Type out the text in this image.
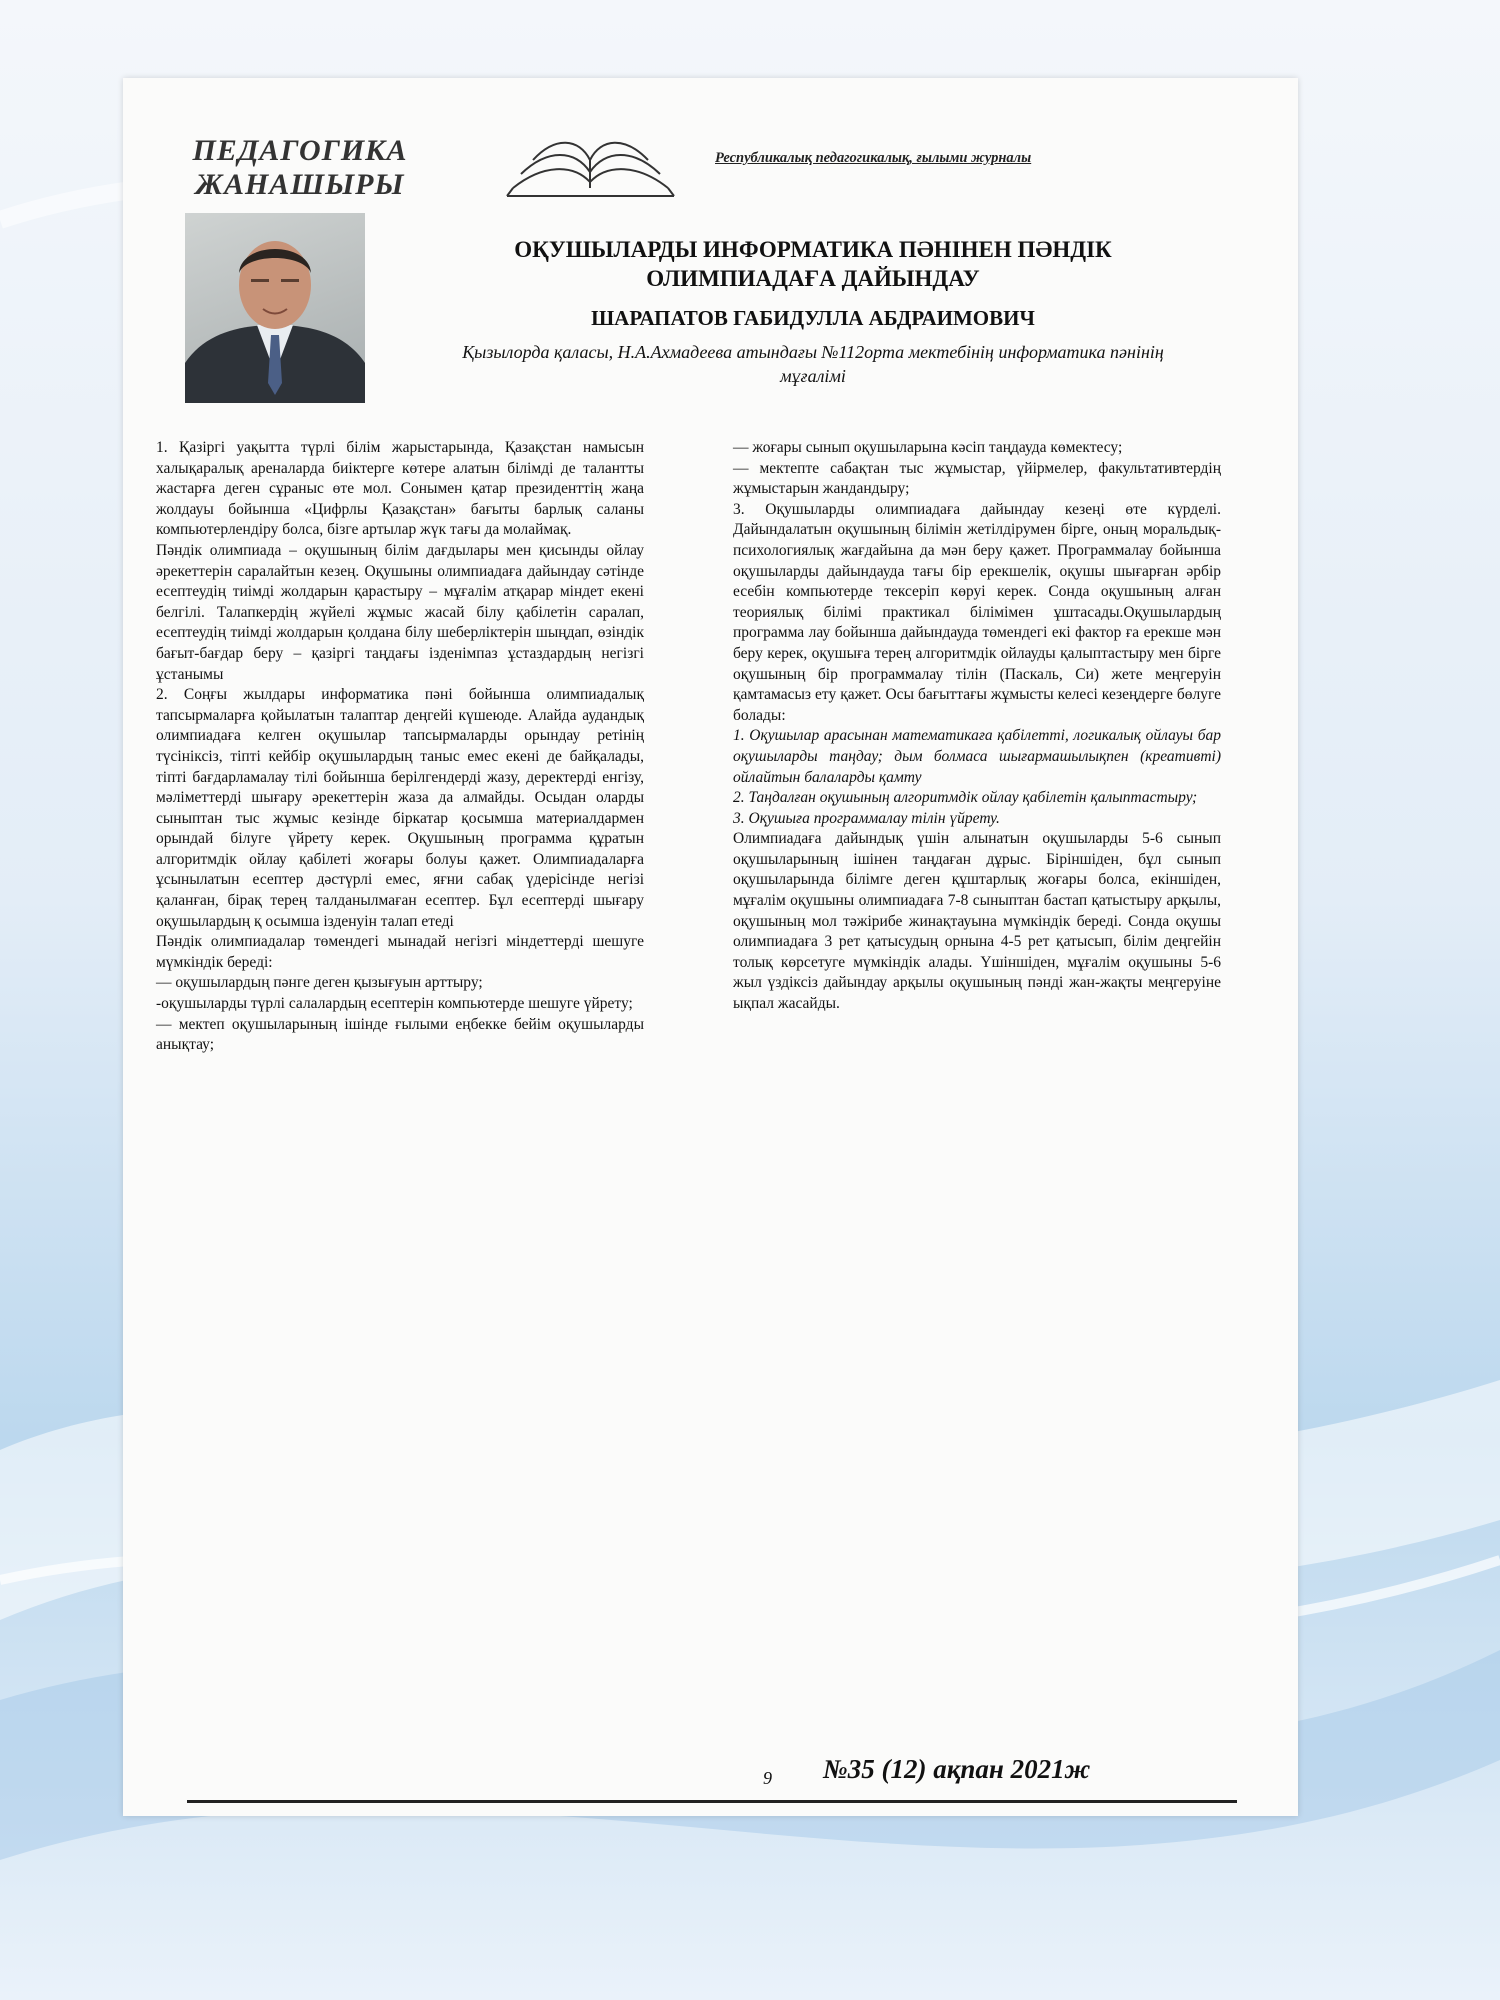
ПЕДАГОГИКА ЖАНАШЫРЫ
Республикалық педагогикалық, ғылыми журналы
ОҚУШЫЛАРДЫ ИНФОРМАТИКА ПӘНІНЕН ПӘНДІК ОЛИМПИАДАҒА ДАЙЫНДАУ
ШАРАПАТОВ ГАБИДУЛЛА АБДРАИМОВИЧ
Қызылорда қаласы, Н.А.Ахмадеева атындағы №112орта мектебінің информатика пәнінің мұғалімі

1. Қазіргі уақытта түрлі білім жарыстарында, Қазақстан намысын халықаралық ареналарда биіктерге көтере алатын білімді де талантты жастарға деген сұраныс өте мол. Сонымен қатар президенттің жаңа жолдауы бойынша «Цифрлы Қазақстан» бағыты барлық саланы компьютерлендіру болса, бізге артылар жүк тағы да молаймақ.

Пәндік олимпиада – оқушының білім дағдылары мен қисынды ойлау әрекеттерін саралайтын кезең. Оқушыны олимпиадаға дайындау сәтінде есептеудің тиімді жолдарын қарастыру – мұғалім атқарар міндет екені белгілі. Талапкердің жүйелі жұмыс жасай білу қабілетін саралап, есептеудің тиімді жолдарын қолдана білу шеберліктерін шыңдап, өзіндік бағыт-бағдар беру – қазіргі таңдағы ізденімпаз ұстаздардың негізгі ұстанымы

2. Соңғы жылдары информатика пәні бойынша олимпиадалық тапсырмаларға қойылатын талаптар деңгейі күшеюде. Алайда аудандық олимпиадаға келген оқушылар тапсырмаларды орындау ретінің түсініксіз, тіпті кейбір оқушылардың таныс емес екені де байқалады, тіпті бағдарламалау тілі бойынша берілгендерді жазу, деректерді енгізу, мәліметтерді шығару әрекеттерін жаза да алмайды. Осыдан оларды сыныптан тыс жұмыс кезінде біркатар қосымша материалдармен орындай білуге үйрету керек. Оқушының программа құратын алгоритмдік ойлау қабілеті жоғары болуы қажет. Олимпиадаларға ұсынылатын есептер дәстүрлі емес, яғни сабақ үдерісінде негізі қаланған, бірақ терең талданылмаған есептер. Бұл есептерді шығару оқушылардың қ осымша ізденуін талап етеді

Пәндік олимпиадалар төмендегі мынадай негізгі міндеттерді шешуге мүмкіндік береді:

— оқушылардың пәнге деген қызығуын арттыру;

-оқушыларды түрлі салалардың есептерін компьютерде шешуге үйрету;

— мектеп оқушыларының ішінде ғылыми еңбекке бейім оқушыларды анықтау;

— жоғары сынып оқушыларына кәсіп таңдауда көмектесу;

— мектепте сабақтан тыс жұмыстар, үйірмелер, факультативтердің жұмыстарын жандандыру;

3. Оқушыларды олимпиадаға дайындау кезеңі өте күрделі. Дайындалатын оқушының білімін жетілдірумен бірге, оның моральдық-психологиялық жағдайына да мән беру қажет. Программалау бойынша оқушыларды дайындауда тағы бір ерекшелік, оқушы шығарған әрбір есебін компьютерде тексеріп көруі керек. Сонда оқушының алған теориялық білімі практикал білімімен ұштасады.Оқушылардың программа лау бойынша дайындауда төмендегі екі фактор ға ерекше мән беру керек, оқушыға терең алгоритмдік ойлауды қалыптастыру мен бірге оқушының бір программалау тілін (Паскаль, Си) жете меңгеруін қамтамасыз ету қажет. Осы бағыттағы жұмысты келесі кезеңдерге бөлуге болады:

1. Оқушылар арасынан математикаға қабілетті, логикалық ойлауы бар оқушыларды таңдау; дым болмаса шығармашылықпен (креативті) ойлайтын балаларды қамту

2. Таңдалған оқушының алгоритмдік ойлау қабілетін қалыптастыру;

3. Оқушыға программалау тілін үйрету.

Олимпиадаға дайындық үшін алынатын оқушыларды 5-6 сынып оқушыларының ішінен таңдаған дұрыс. Біріншіден, бұл сынып оқушыларында білімге деген құштарлық жоғары болса, екіншіден, мұғалім оқушыны олимпиадаға 7-8 сыныптан бастап қатыстыру арқылы, оқушының мол тәжірибе жинақтауына мүмкіндік береді. Сонда оқушы олимпиадаға 3 рет қатысудың орнына 4-5 рет қатысып, білім деңгейін толық көрсетуге мүмкіндік алады. Үшіншіден, мұғалім оқушыны 5-6 жыл үздіксіз дайындау арқылы оқушының пәнді жан-жақты меңгеруіне ықпал жасайды.

9 №35 (12) ақпан 2021ж
